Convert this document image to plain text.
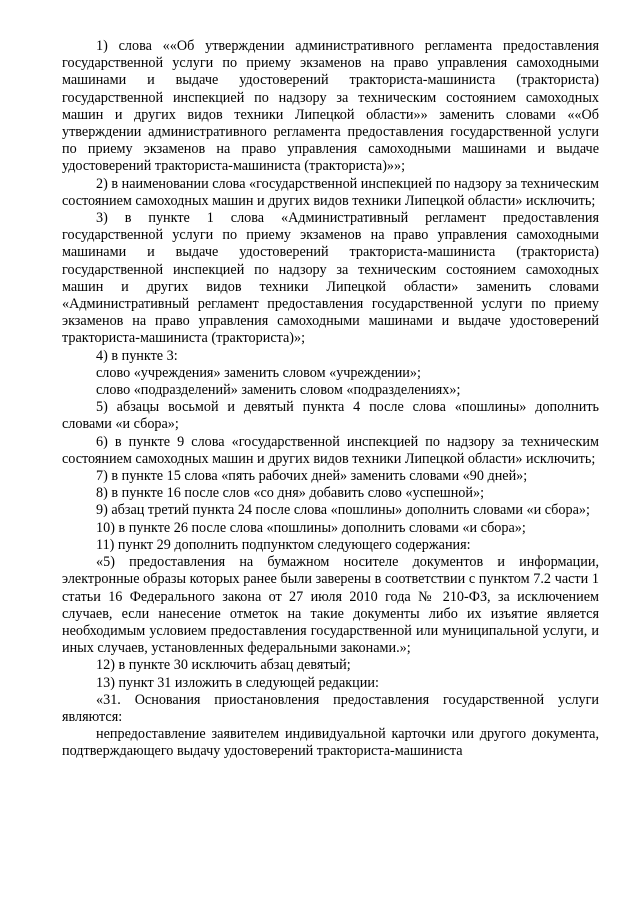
1) слова ««Об утверждении административного регламента предоставления государственной услуги по приему экзаменов на право управления самоходными машинами и выдаче удостоверений тракториста-машиниста (тракториста) государственной инспекцией по надзору за техническим состоянием самоходных машин и других видов техники Липецкой области»» заменить словами ««Об утверждении административного регламента предоставления государственной услуги по приему экзаменов на право управления самоходными машинами и выдаче удостоверений тракториста-машиниста (тракториста)»»;

2) в наименовании слова «государственной инспекцией по надзору за техническим состоянием самоходных машин и других видов техники Липецкой области» исключить;

3) в пункте 1 слова «Административный регламент предоставления государственной услуги по приему экзаменов на право управления самоходными машинами и выдаче удостоверений тракториста-машиниста (тракториста) государственной инспекцией по надзору за техническим состоянием самоходных машин и других видов техники Липецкой области» заменить словами «Административный регламент предоставления государственной услуги по приему экзаменов на право управления самоходными машинами и выдаче удостоверений тракториста-машиниста (тракториста)»;

4) в пункте 3:

слово «учреждения» заменить словом «учреждении»;

слово «подразделений» заменить словом «подразделениях»;

5) абзацы восьмой и девятый пункта 4 после слова «пошлины» дополнить словами «и сбора»;

6) в пункте 9 слова «государственной инспекцией по надзору за техническим состоянием самоходных машин и других видов техники Липецкой области» исключить;

7) в пункте 15 слова «пять рабочих дней» заменить словами «90 дней»;

8) в пункте 16 после слов «со дня» добавить слово «успешной»;

9) абзац третий пункта 24 после слова «пошлины» дополнить словами «и сбора»;

10) в пункте 26 после слова «пошлины» дополнить словами «и сбора»;

11) пункт 29 дополнить подпунктом следующего содержания:

«5) предоставления на бумажном носителе документов и информации, электронные образы которых ранее были заверены в соответствии с пунктом 7.2 части 1 статьи 16 Федерального закона от 27 июля 2010 года № 210-ФЗ, за исключением случаев, если нанесение отметок на такие документы либо их изъятие является необходимым условием предоставления государственной или муниципальной услуги, и иных случаев, установленных федеральными законами.»;

12) в пункте 30 исключить абзац девятый;

13) пункт 31 изложить в следующей редакции:

«31. Основания приостановления предоставления государственной услуги являются:

непредоставление заявителем индивидуальной карточки или другого документа, подтверждающего выдачу удостоверений тракториста-машиниста
